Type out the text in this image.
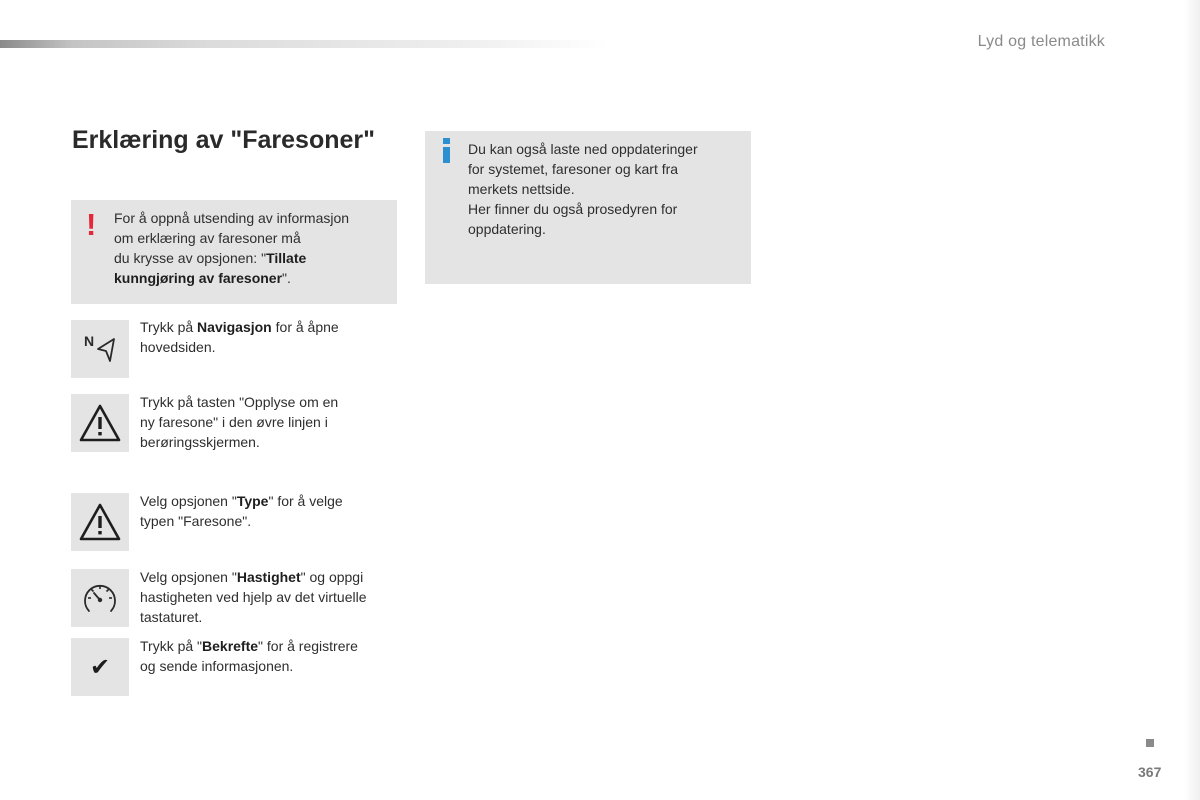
Lyd og telematikk
Erklæring av "Faresoner"
! For å oppnå utsending av informasjon
om erklæring av faresoner må
du krysse av opsjonen: "Tillate
kunngjøring av faresoner".
Du kan også laste ned oppdateringer
for systemet, faresoner og kart fra
merkets nettside.
Her finner du også prosedyren for
oppdatering.
N
Trykk på Navigasjon for å åpne
hovedsiden.
Trykk på tasten "Opplyse om en
ny faresone" i den øvre linjen i
berøringsskjermen.
Velg opsjonen "Type" for å velge
typen "Faresone".
Velg opsjonen "Hastighet" og oppgi
hastigheten ved hjelp av det virtuelle
tastaturet.
✔
Trykk på "Bekrefte" for å registrere
og sende informasjonen.
367
